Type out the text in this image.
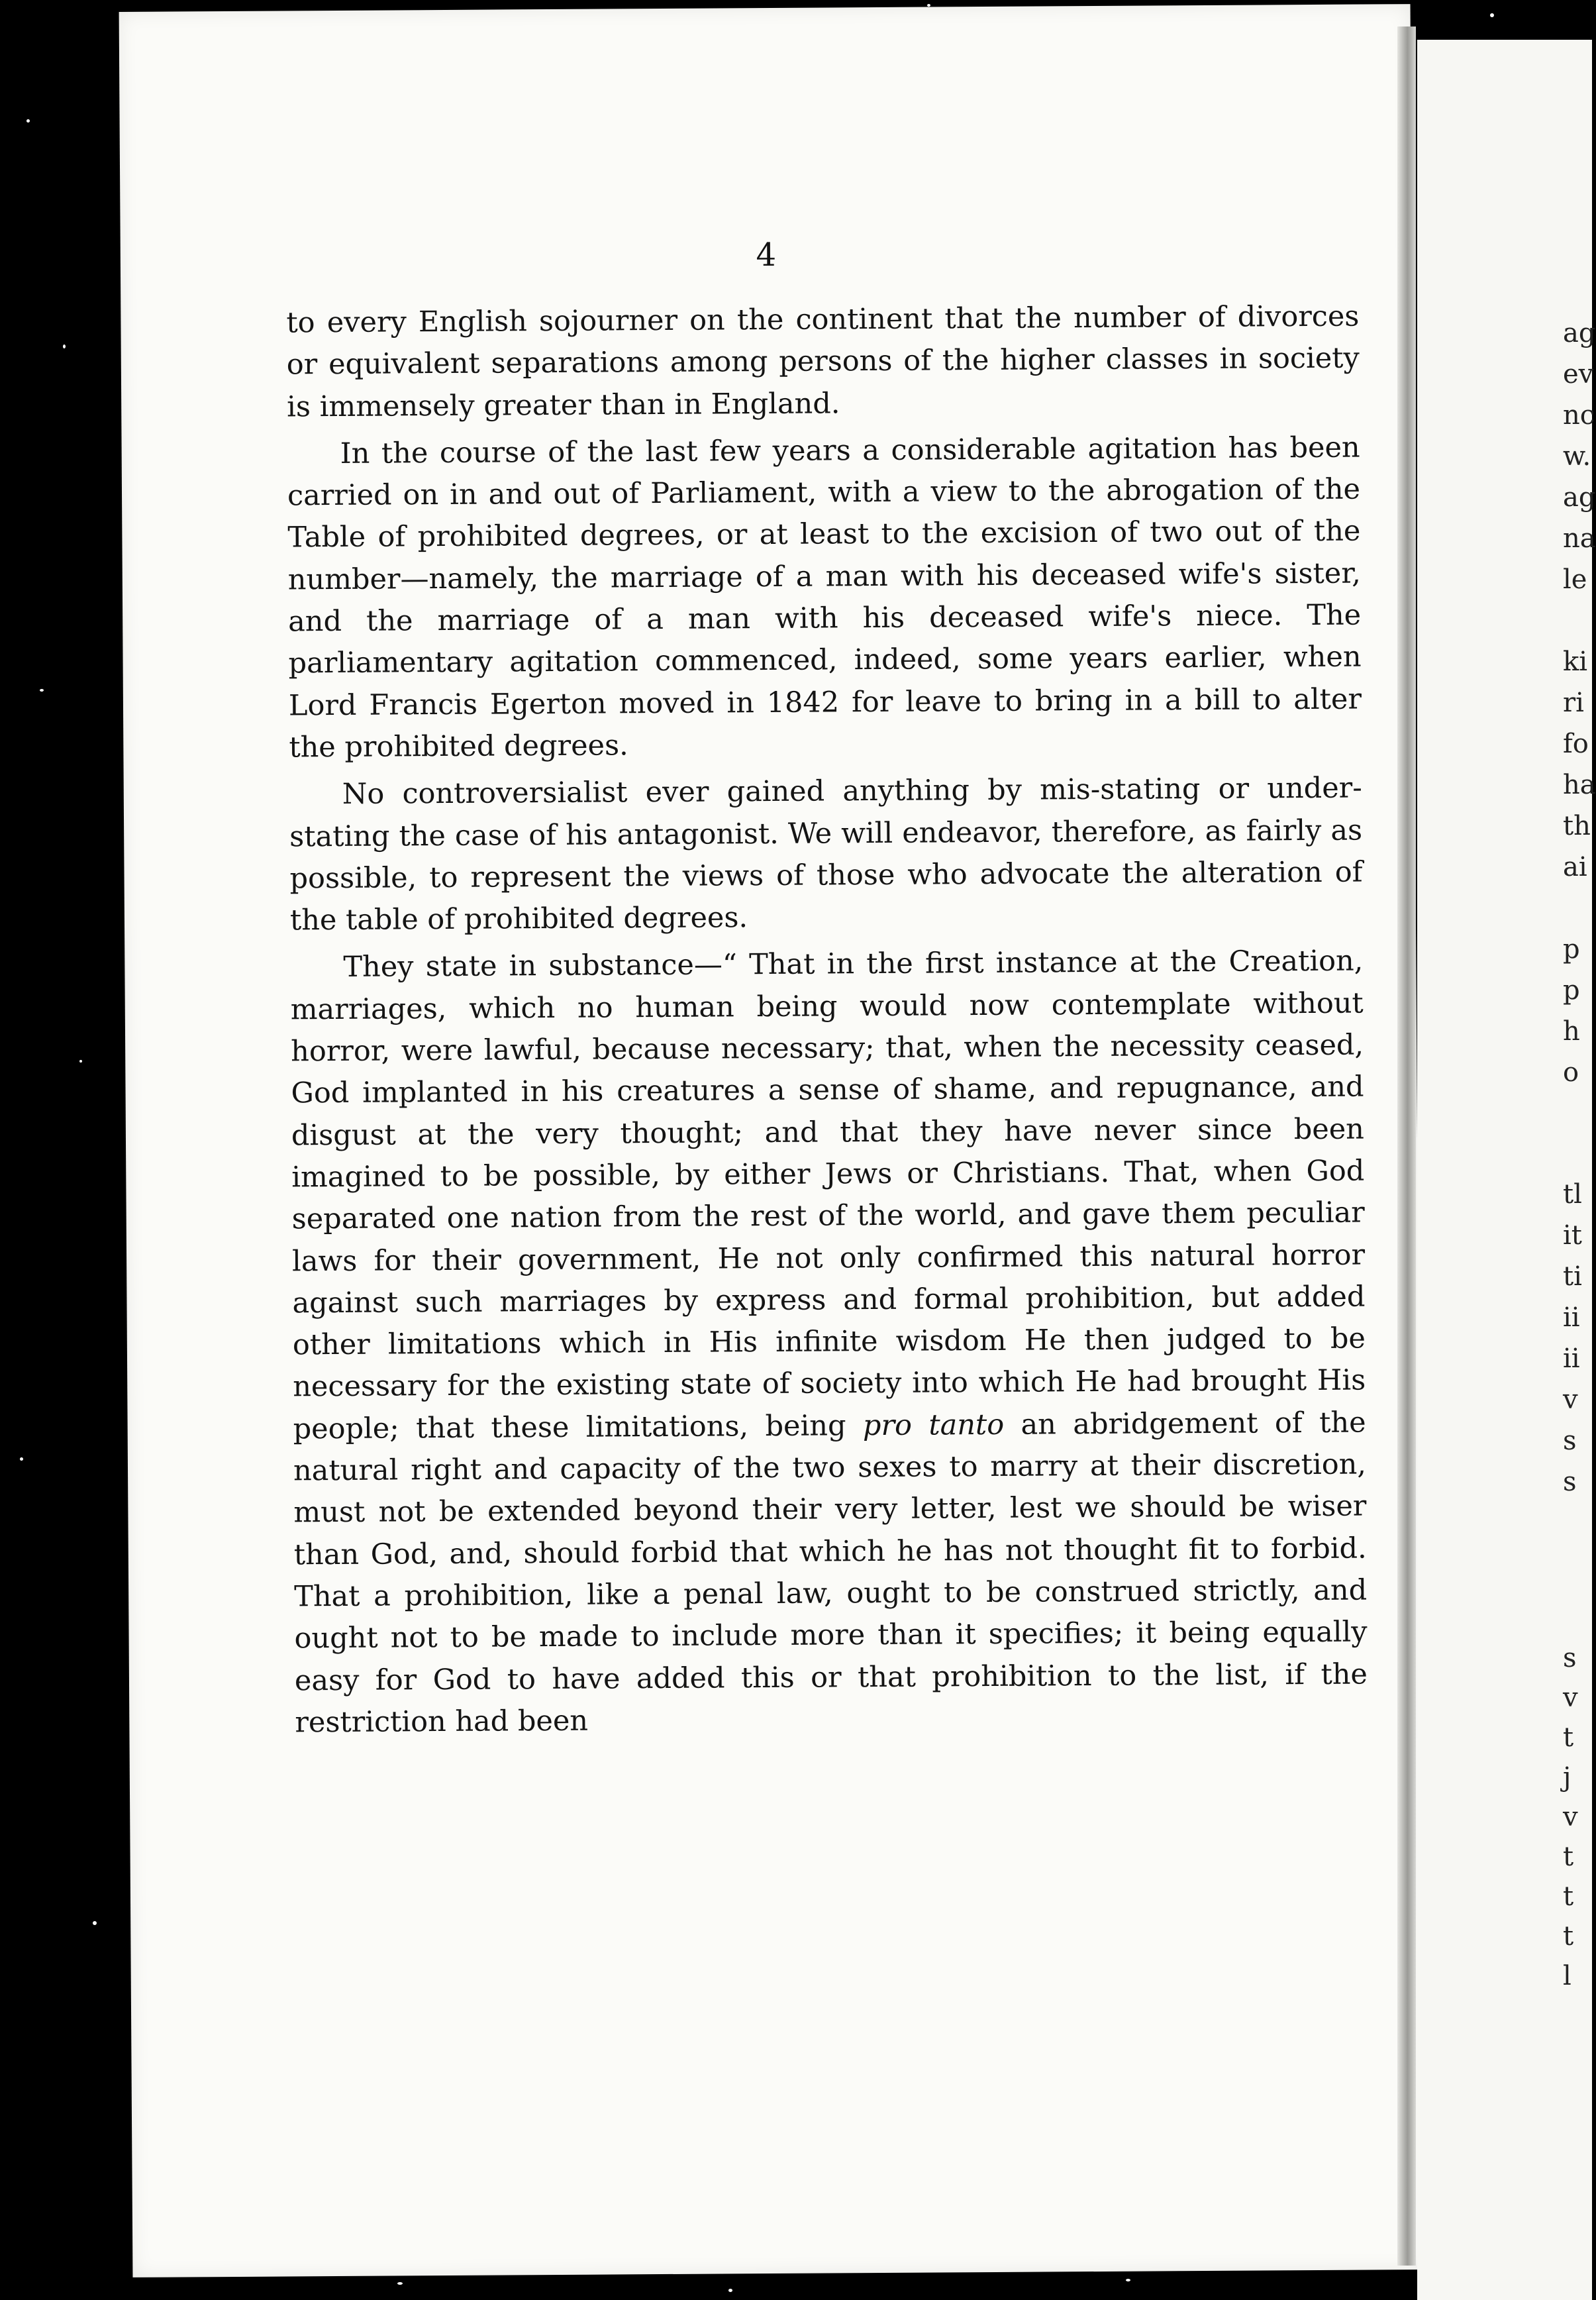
4

to every English sojourner on the continent that the number of divorces or equivalent separations among persons of the higher classes in society is immensely greater than in England.

In the course of the last few years a considerable agitation has been carried on in and out of Parliament, with a view to the abrogation of the Table of prohibited degrees, or at least to the excision of two out of the number—namely, the marriage of a man with his deceased wife's sister, and the marriage of a man with his deceased wife's niece. The parliamentary agitation commenced, indeed, some years earlier, when Lord Francis Egerton moved in 1842 for leave to bring in a bill to alter the prohibited degrees.

No controversialist ever gained anything by mis-stating or under-stating the case of his antagonist. We will endeavor, therefore, as fairly as possible, to represent the views of those who advocate the alteration of the table of prohibited degrees.

They state in substance—“ That in the first instance at the Creation, marriages, which no human being would now contemplate without horror, were lawful, because necessary; that, when the necessity ceased, God implanted in his creatures a sense of shame, and repugnance, and disgust at the very thought; and that they have never since been imagined to be possible, by either Jews or Christians. That, when God separated one nation from the rest of the world, and gave them peculiar laws for their government, He not only confirmed this natural horror against such marriages by express and formal prohibition, but added other limitations which in His infinite wisdom He then judged to be necessary for the existing state of society into which He had brought His people; that these limitations, being pro tanto an abridgement of the natural right and capacity of the two sexes to marry at their discretion, must not be extended beyond their very letter, lest we should be wiser than God, and, should forbid that which he has not thought fit to forbid. That a prohibition, like a penal law, ought to be construed strictly, and ought not to be made to include more than it specifies; it being equally easy for God to have added this or that prohibition to the list, if the restriction had been

ag
ev
nc
w.
ag
na
le
ki
ri
fo
ha
th
ai
p
p
h
o
tl
it
ti
ii
ii
v
s
s
s
v
t
j
v
t
t
t
l
